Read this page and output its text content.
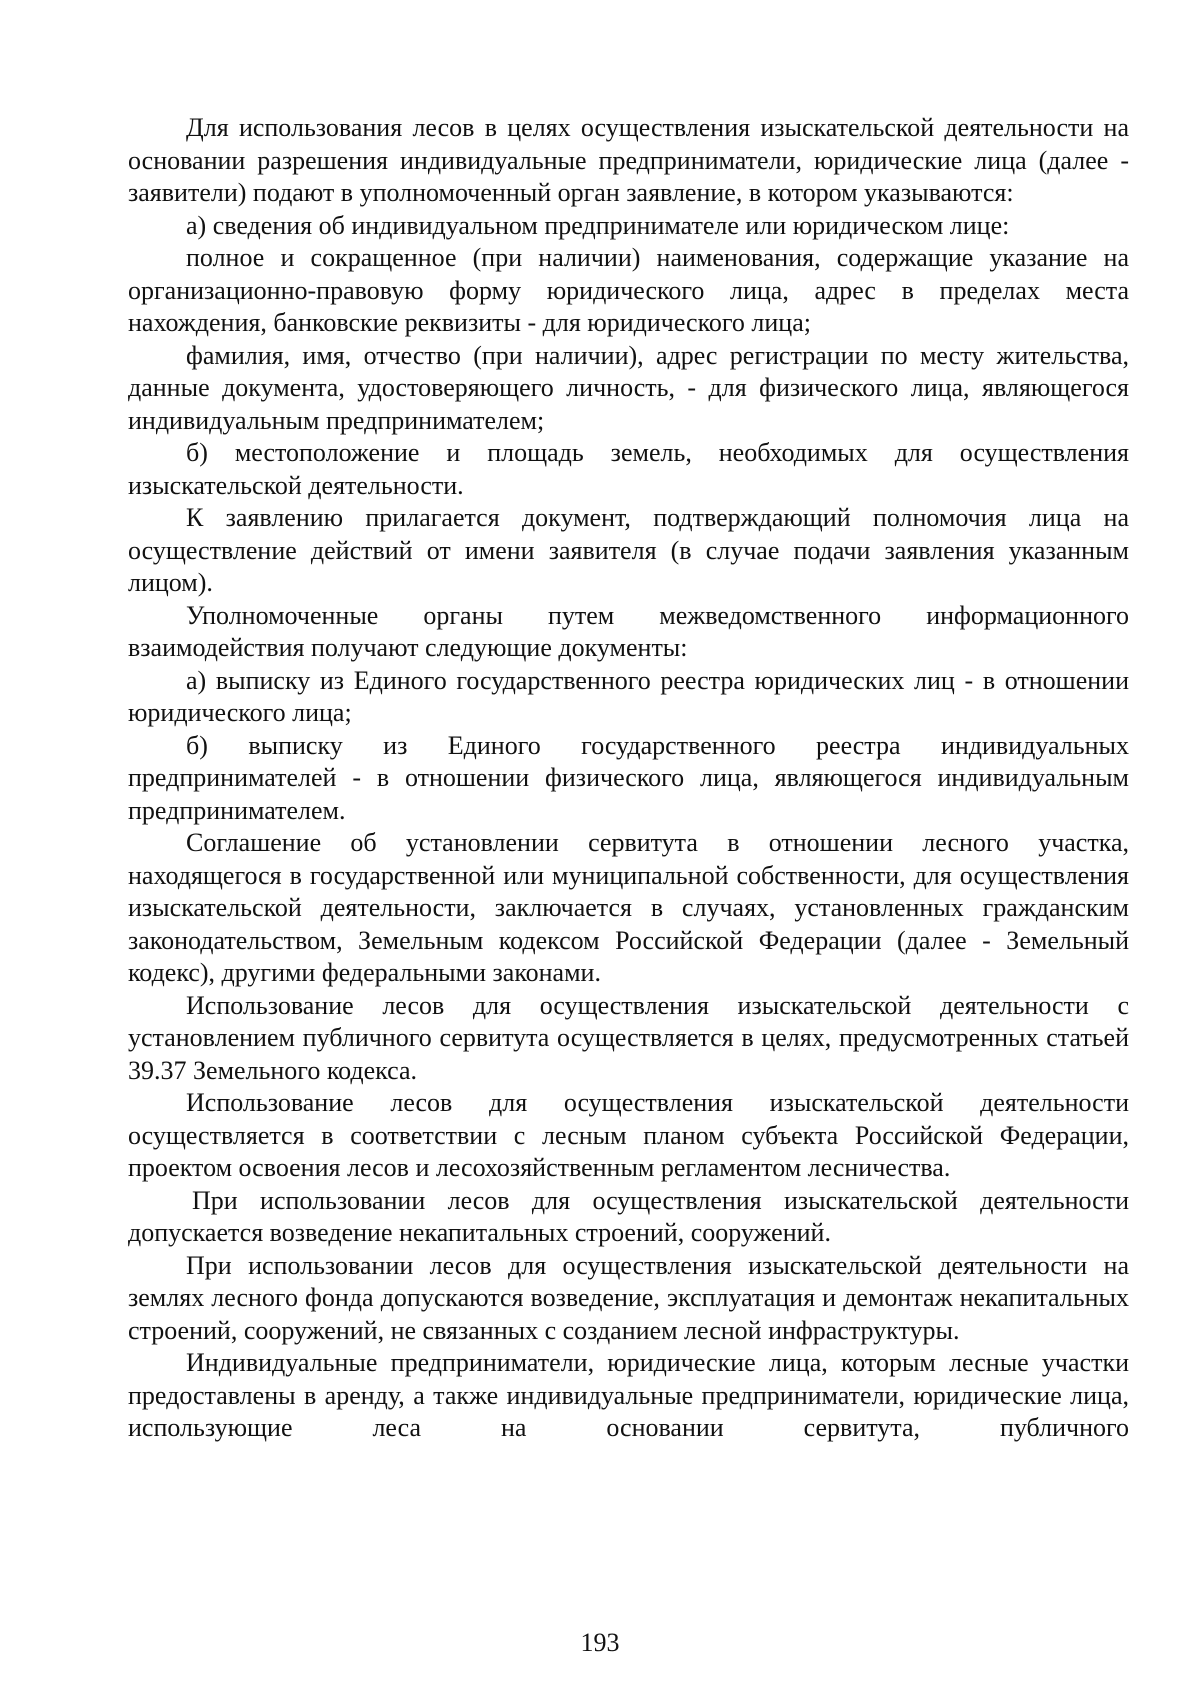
Для использования лесов в целях осуществления изыскательской деятельности на основании разрешения индивидуальные предприниматели, юридические лица (далее - заявители) подают в уполномоченный орган заявление, в котором указываются:

а) сведения об индивидуальном предпринимателе или юридическом лице:

полное и сокращенное (при наличии) наименования, содержащие указание на организационно-правовую форму юридического лица, адрес в пределах места нахождения, банковские реквизиты - для юридического лица;

фамилия, имя, отчество (при наличии), адрес регистрации по месту жительства, данные документа, удостоверяющего личность, - для физического лица, являющегося индивидуальным предпринимателем;

б) местоположение и площадь земель, необходимых для осуществления изыскательской деятельности.

К заявлению прилагается документ, подтверждающий полномочия лица на осуществление действий от имени заявителя (в случае подачи заявления указанным лицом).

Уполномоченные органы путем межведомственного информационного взаимодействия получают следующие документы:

а) выписку из Единого государственного реестра юридических лиц - в отношении юридического лица;

б) выписку из Единого государственного реестра индивидуальных предпринимателей - в отношении физического лица, являющегося индивидуальным предпринимателем.

Соглашение об установлении сервитута в отношении лесного участка, находящегося в государственной или муниципальной собственности, для осуществления изыскательской деятельности, заключается в случаях, установленных гражданским законодательством, Земельным кодексом Российской Федерации (далее - Земельный кодекс), другими федеральными законами.

Использование лесов для осуществления изыскательской деятельности с установлением публичного сервитута осуществляется в целях, предусмотренных статьей 39.37 Земельного кодекса.

Использование лесов для осуществления изыскательской деятельности осуществляется в соответствии с лесным планом субъекта Российской Федерации, проектом освоения лесов и лесохозяйственным регламентом лесничества.

При использовании лесов для осуществления изыскательской деятельности допускается возведение некапитальных строений, сооружений.

При использовании лесов для осуществления изыскательской деятельности на землях лесного фонда допускаются возведение, эксплуатация и демонтаж некапитальных строений, сооружений, не связанных с созданием лесной инфраструктуры.

Индивидуальные предприниматели, юридические лица, которым лесные участки предоставлены в аренду, а также индивидуальные предприниматели, юридические лица, использующие леса на основании сервитута, публичного

193
